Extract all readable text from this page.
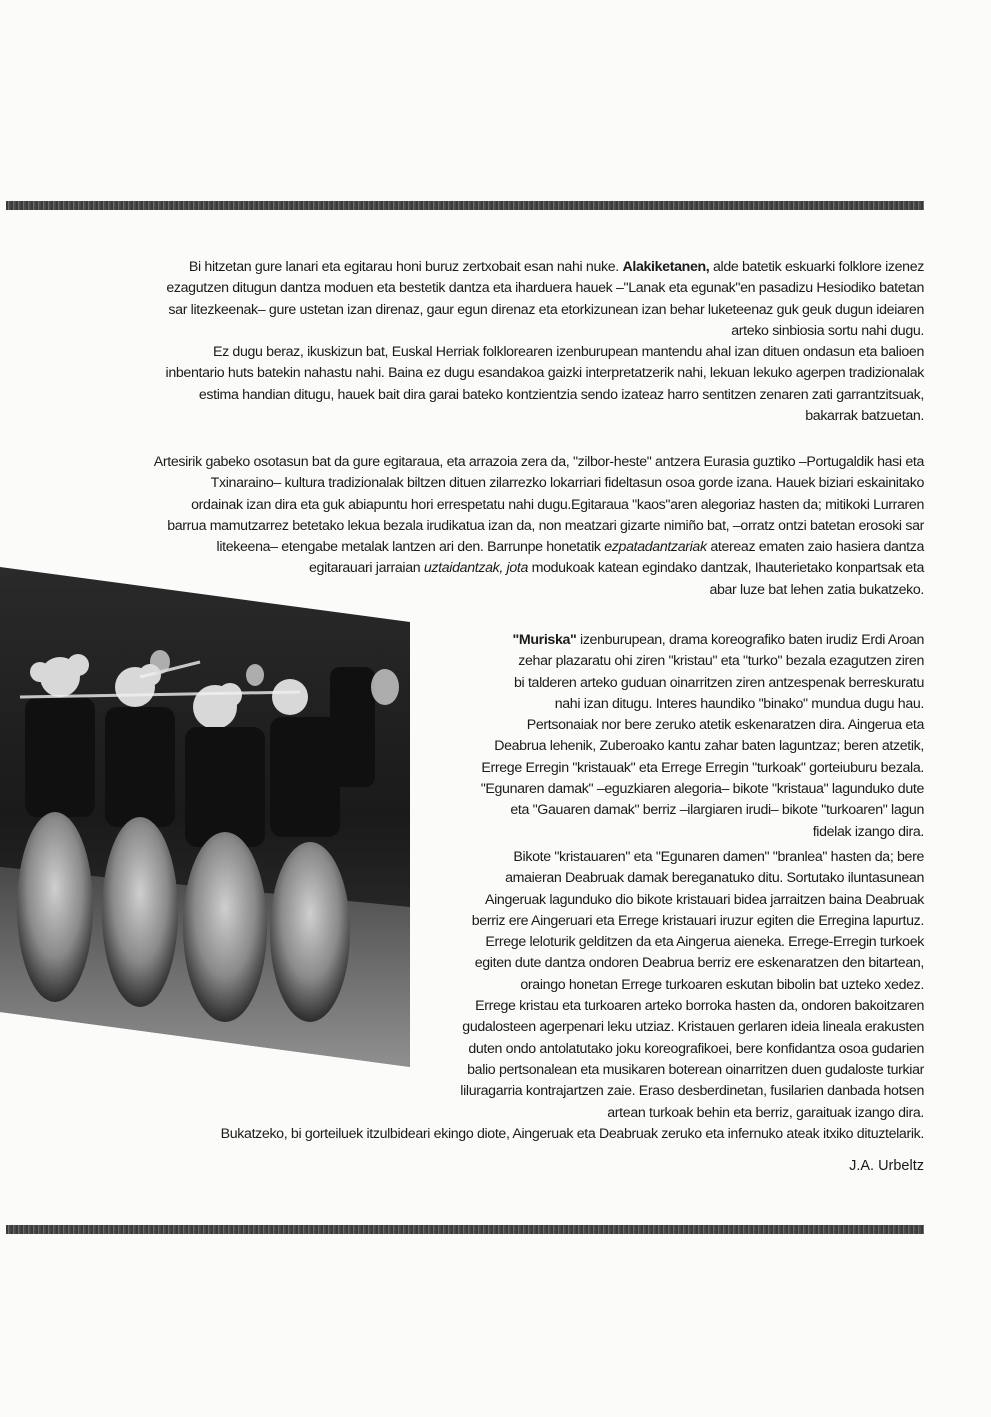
Bi hitzetan gure lanari eta egitarau honi buruz zertxobait esan nahi nuke. Alakiketanen, alde batetik eskuarki folklore izenez
ezagutzen ditugun dantza moduen eta bestetik dantza eta iharduera hauek –"Lanak eta egunak"en pasadizu Hesiodiko batetan
sar litezkeenak– gure ustetan izan direnaz, gaur egun direnaz eta etorkizunean izan behar luketeenaz guk geuk dugun ideiaren
arteko sinbiosia sortu nahi dugu.
Ez dugu beraz, ikuskizun bat, Euskal Herriak folklorearen izenburupean mantendu ahal izan dituen ondasun eta balioen
inbentario huts batekin nahastu nahi. Baina ez dugu esandakoa gaizki interpretatzerik nahi, lekuan lekuko agerpen tradizionalak
estima handian ditugu, hauek bait dira garai bateko kontzientzia sendo izateaz harro sentitzen zenaren zati garrantzitsuak,
bakarrak batzuetan.
Artesirik gabeko osotasun bat da gure egitaraua, eta arrazoia zera da, "zilbor-heste" antzera Eurasia guztiko –Portugaldik hasi eta
Txinaraino– kultura tradizionalak biltzen dituen zilarrezko lokarriari fideltasun osoa gorde izana. Hauek biziari eskainitako
ordainak izan dira eta guk abiapuntu hori errespetatu nahi dugu.Egitaraua "kaos"aren alegoriaz hasten da; mitikoki Lurraren
barrua mamutzarrez betetako lekua bezala irudikatua izan da, non meatzari gizarte nimiño bat, –orratz ontzi batetan erosoki sar
litekeena– etengabe metalak lantzen ari den. Barrunpe honetatik ezpatadantzariak atereaz ematen zaio hasiera dantza
egitarauari jarraian uztaidantzak, jota modukoak katean egindako dantzak, Ihauterietako konpartsak eta
abar luze bat lehen zatia bukatzeko.
"Muriska" izenburupean, drama koreografiko baten irudiz Erdi Aroan
zehar plazaratu ohi ziren "kristau" eta "turko" bezala ezagutzen ziren
bi talderen arteko guduan oinarritzen ziren antzespenak berreskuratu
nahi izan ditugu. Interes haundiko "binako" mundua dugu hau.
Pertsonaiak nor bere zeruko atetik eskenaratzen dira. Aingerua eta
Deabrua lehenik, Zuberoako kantu zahar baten laguntzaz; beren atzetik,
Errege Erregin "kristauak" eta Errege Erregin "turkoak" gorteiuburu bezala.
"Egunaren damak" –eguzkiaren alegoria– bikote "kristaua" lagunduko dute
eta "Gauaren damak" berriz –ilargiaren irudi– bikote "turkoaren" lagun
fidelak izango dira.
Bikote "kristauaren" eta "Egunaren damen" "branlea" hasten da; bere
amaieran Deabruak damak bereganatuko ditu. Sortutako iluntasunean
Aingeruak lagunduko dio bikote kristauari bidea jarraitzen baina Deabruak
berriz ere Aingeruari eta Errege kristauari iruzur egiten die Erregina lapurtuz.
Errege leloturik gelditzen da eta Aingerua aieneka. Errege-Erregin turkoek
egiten dute dantza ondoren Deabrua berriz ere eskenaratzen den bitartean,
oraingo honetan Errege turkoaren eskutan bibolin bat uzteko xedez.
Errege kristau eta turkoaren arteko borroka hasten da, ondoren bakoitzaren
gudalosteen agerpenari leku utziaz. Kristauen gerlaren ideia lineala erakusten
duten ondo antolatutako joku koreografikoei, bere konfidantza osoa gudarien
balio pertsonalean eta musikaren boterean oinarritzen duen gudaloste turkiar
liluragarria kontrajartzen zaie. Eraso desberdinetan, fusilarien danbada hotsen
artean turkoak behin eta berriz, garaituak izango dira.
Bukatzeko, bi gorteiluek itzulbideari ekingo diote, Aingeruak eta Deabruak zeruko eta infernuko ateak itxiko dituztelarik.
J.A. Urbeltz
